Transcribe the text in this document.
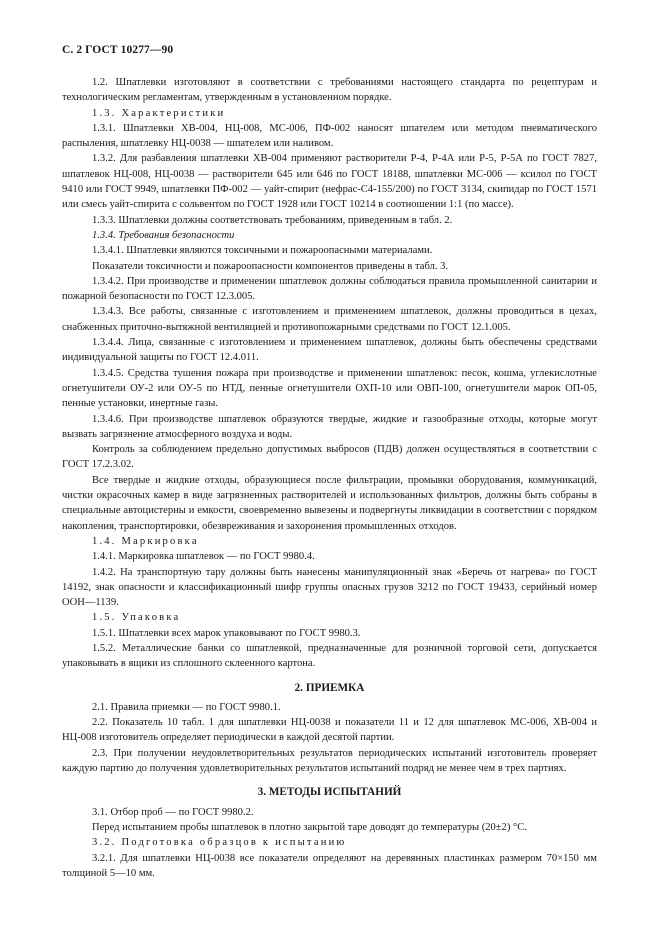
С. 2 ГОСТ 10277—90

1.2. Шпатлевки изготовляют в соответствии с требованиями настоящего стандарта по рецептурам и технологическим регламентам, утвержденным в установленном порядке.

1.3. Характеристики

1.3.1. Шпатлевки ХВ-004, НЦ-008, МС-006, ПФ-002 наносят шпателем или методом пневматического распыления, шпатлевку НЦ-0038 — шпателем или наливом.

1.3.2. Для разбавления шпатлевки ХВ-004 применяют растворители Р-4, Р-4А или Р-5, Р-5А по ГОСТ 7827, шпатлевок НЦ-008, НЦ-0038 — растворители 645 или 646 по ГОСТ 18188, шпатлевки МС-006 — ксилол по ГОСТ 9410 или ГОСТ 9949, шпатлевки ПФ-002 — уайт-спирит (нефрас-С4-155/200) по ГОСТ 3134, скипидар по ГОСТ 1571 или смесь уайт-спирита с сольвентом по ГОСТ 1928 или ГОСТ 10214 в соотношении 1:1 (по массе).

1.3.3. Шпатлевки должны соответствовать требованиям, приведенным в табл. 2.

1.3.4. Требования безопасности

1.3.4.1. Шпатлевки являются токсичными и пожароопасными материалами.

Показатели токсичности и пожароопасности компонентов приведены в табл. 3.

1.3.4.2. При производстве и применении шпатлевок должны соблюдаться правила промышленной санитарии и пожарной безопасности по ГОСТ 12.3.005.

1.3.4.3. Все работы, связанные с изготовлением и применением шпатлевок, должны проводиться в цехах, снабженных приточно-вытяжной вентиляцией и противопожарными средствами по ГОСТ 12.1.005.

1.3.4.4. Лица, связанные с изготовлением и применением шпатлевок, должны быть обеспечены средствами индивидуальной защиты по ГОСТ 12.4.011.

1.3.4.5. Средства тушения пожара при производстве и применении шпатлевок: песок, кошма, углекислотные огнетушители ОУ-2 или ОУ-5 по НТД, пенные огнетушители ОХП-10 или ОВП-100, огнетушители марок ОП-05, пенные установки, инертные газы.

1.3.4.6. При производстве шпатлевок образуются твердые, жидкие и газообразные отходы, которые могут вызвать загрязнение атмосферного воздуха и воды.

Контроль за соблюдением предельно допустимых выбросов (ПДВ) должен осуществляться в соответствии с ГОСТ 17.2.3.02.

Все твердые и жидкие отходы, образующиеся после фильтрации, промывки оборудования, коммуникаций, чистки окрасочных камер в виде загрязненных растворителей и использованных фильтров, должны быть собраны в специальные автоцистерны и емкости, своевременно вывезены и подвергнуты ликвидации в соответствии с порядком накопления, транспортировки, обезвреживания и захоронения промышленных отходов.

1.4. Маркировка

1.4.1. Маркировка шпатлевок — по ГОСТ 9980.4.

1.4.2. На транспортную тару должны быть нанесены манипуляционный знак «Беречь от нагрева» по ГОСТ 14192, знак опасности и классификационный шифр группы опасных грузов 3212 по ГОСТ 19433, серийный номер ООН—1139.

1.5. Упаковка

1.5.1. Шпатлевки всех марок упаковывают по ГОСТ 9980.3.

1.5.2. Металлические банки со шпатлевкой, предназначенные для розничной торговой сети, допускается упаковывать в ящики из сплошного склеенного картона.

2. ПРИЕМКА

2.1. Правила приемки — по ГОСТ 9980.1.

2.2. Показатель 10 табл. 1 для шпатлевки НЦ-0038 и показатели 11 и 12 для шпатлевок МС-006, ХВ-004 и НЦ-008 изготовитель определяет периодически в каждой десятой партии.

2.3. При получении неудовлетворительных результатов периодических испытаний изготовитель проверяет каждую партию до получения удовлетворительных результатов испытаний подряд не менее чем в трех партиях.

3. МЕТОДЫ ИСПЫТАНИЙ

3.1. Отбор проб — по ГОСТ 9980.2.

Перед испытанием пробы шпатлевок в плотно закрытой таре доводят до температуры (20±2) °С.

3.2. Подготовка образцов к испытанию

3.2.1. Для шпатлевки НЦ-0038 все показатели определяют на деревянных пластинках размером 70×150 мм толщиной 5—10 мм.
